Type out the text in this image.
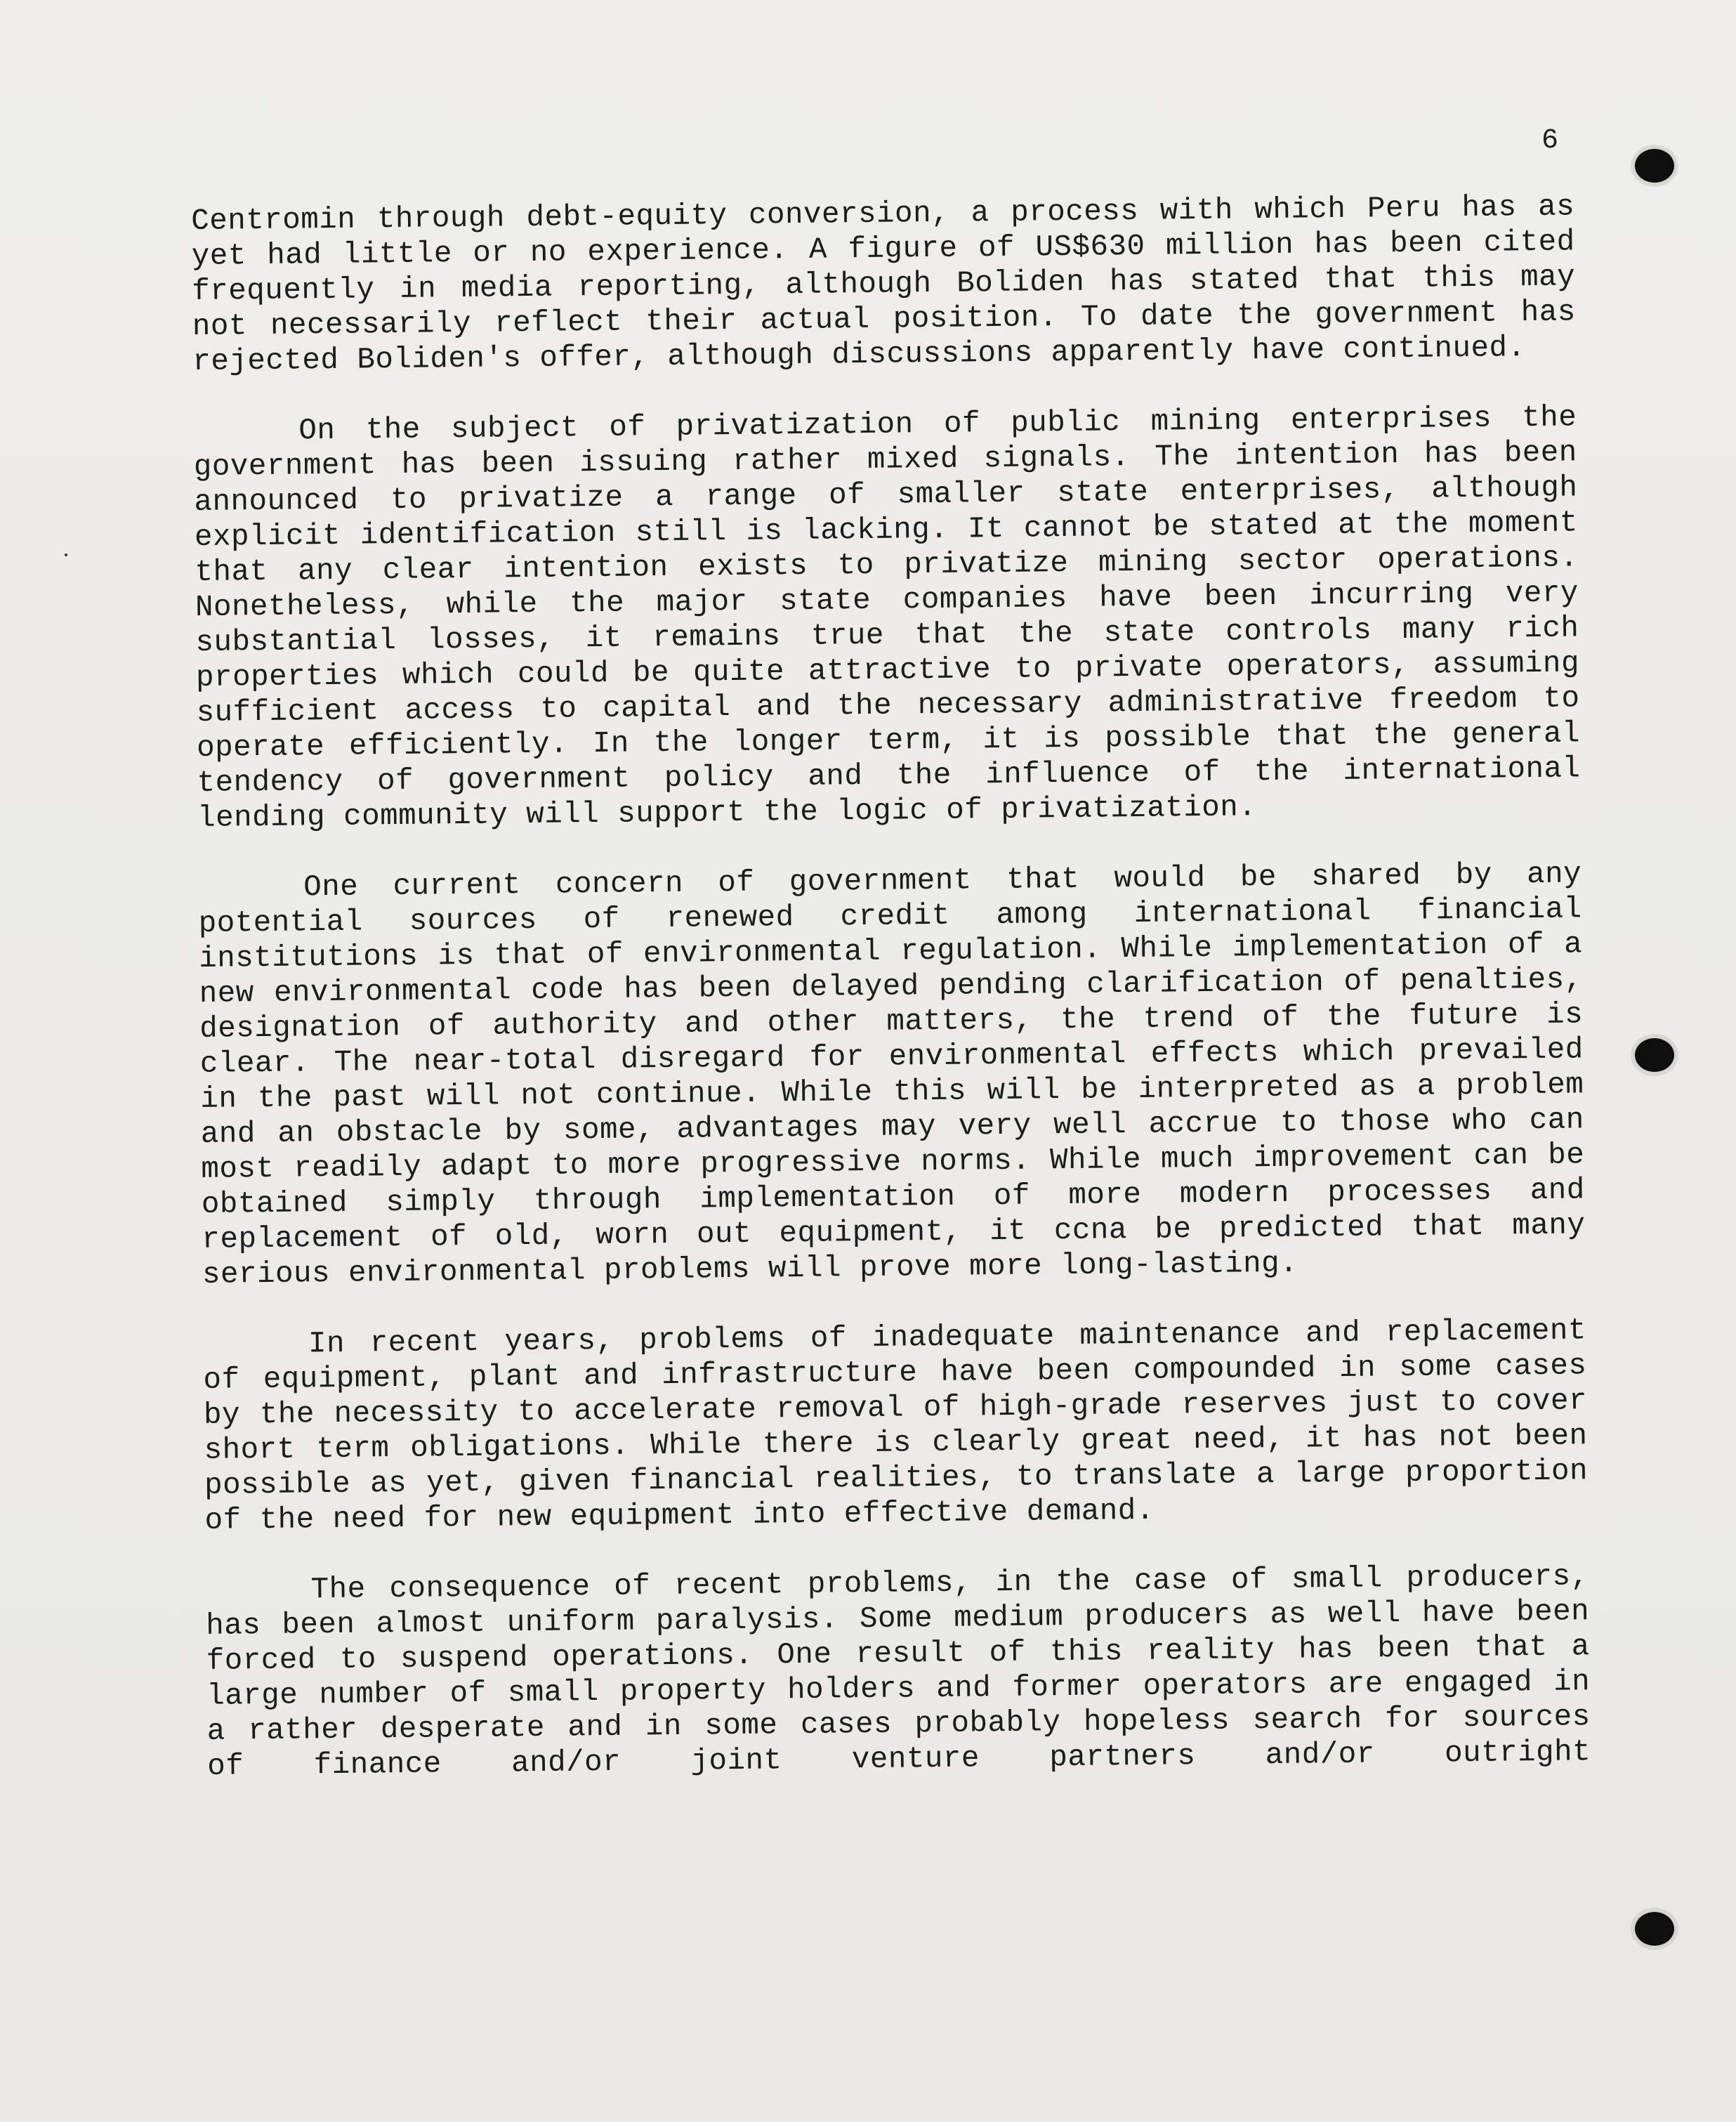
6

Centromin through debt-equity conversion, a process with which Peru has as yet had little or no experience. A figure of US$630 million has been cited frequently in media reporting, although Boliden has stated that this may not necessarily reflect their actual position. To date the government has rejected Boliden's offer, although discussions apparently have continued.

On the subject of privatization of public mining enterprises the government has been issuing rather mixed signals. The intention has been announced to privatize a range of smaller state enterprises, although explicit identification still is lacking. It cannot be stated at the moment that any clear intention exists to privatize mining sector operations. Nonetheless, while the major state companies have been incurring very substantial losses, it remains true that the state controls many rich properties which could be quite attractive to private operators, assuming sufficient access to capital and the necessary administrative freedom to operate efficiently. In the longer term, it is possible that the general tendency of government policy and the influence of the international lending community will support the logic of privatization.

One current concern of government that would be shared by any potential sources of renewed credit among international financial institutions is that of environmental regulation. While implementation of a new environmental code has been delayed pending clarification of penalties, designation of authority and other matters, the trend of the future is clear. The near-total disregard for environmental effects which prevailed in the past will not continue. While this will be interpreted as a problem and an obstacle by some, advantages may very well accrue to those who can most readily adapt to more progressive norms. While much improvement can be obtained simply through implementation of more modern processes and replacement of old, worn out equipment, it ccna be predicted that many serious environmental problems will prove more long-lasting.

In recent years, problems of inadequate maintenance and replacement of equipment, plant and infrastructure have been compounded in some cases by the necessity to accelerate removal of high-grade reserves just to cover short term obligations. While there is clearly great need, it has not been possible as yet, given financial realities, to translate a large proportion of the need for new equipment into effective demand.

The consequence of recent problems, in the case of small producers, has been almost uniform paralysis. Some medium producers as well have been forced to suspend operations. One result of this reality has been that a large number of small property holders and former operators are engaged in a rather desperate and in some cases probably hopeless search for sources of finance and/or joint venture partners and/or outright
